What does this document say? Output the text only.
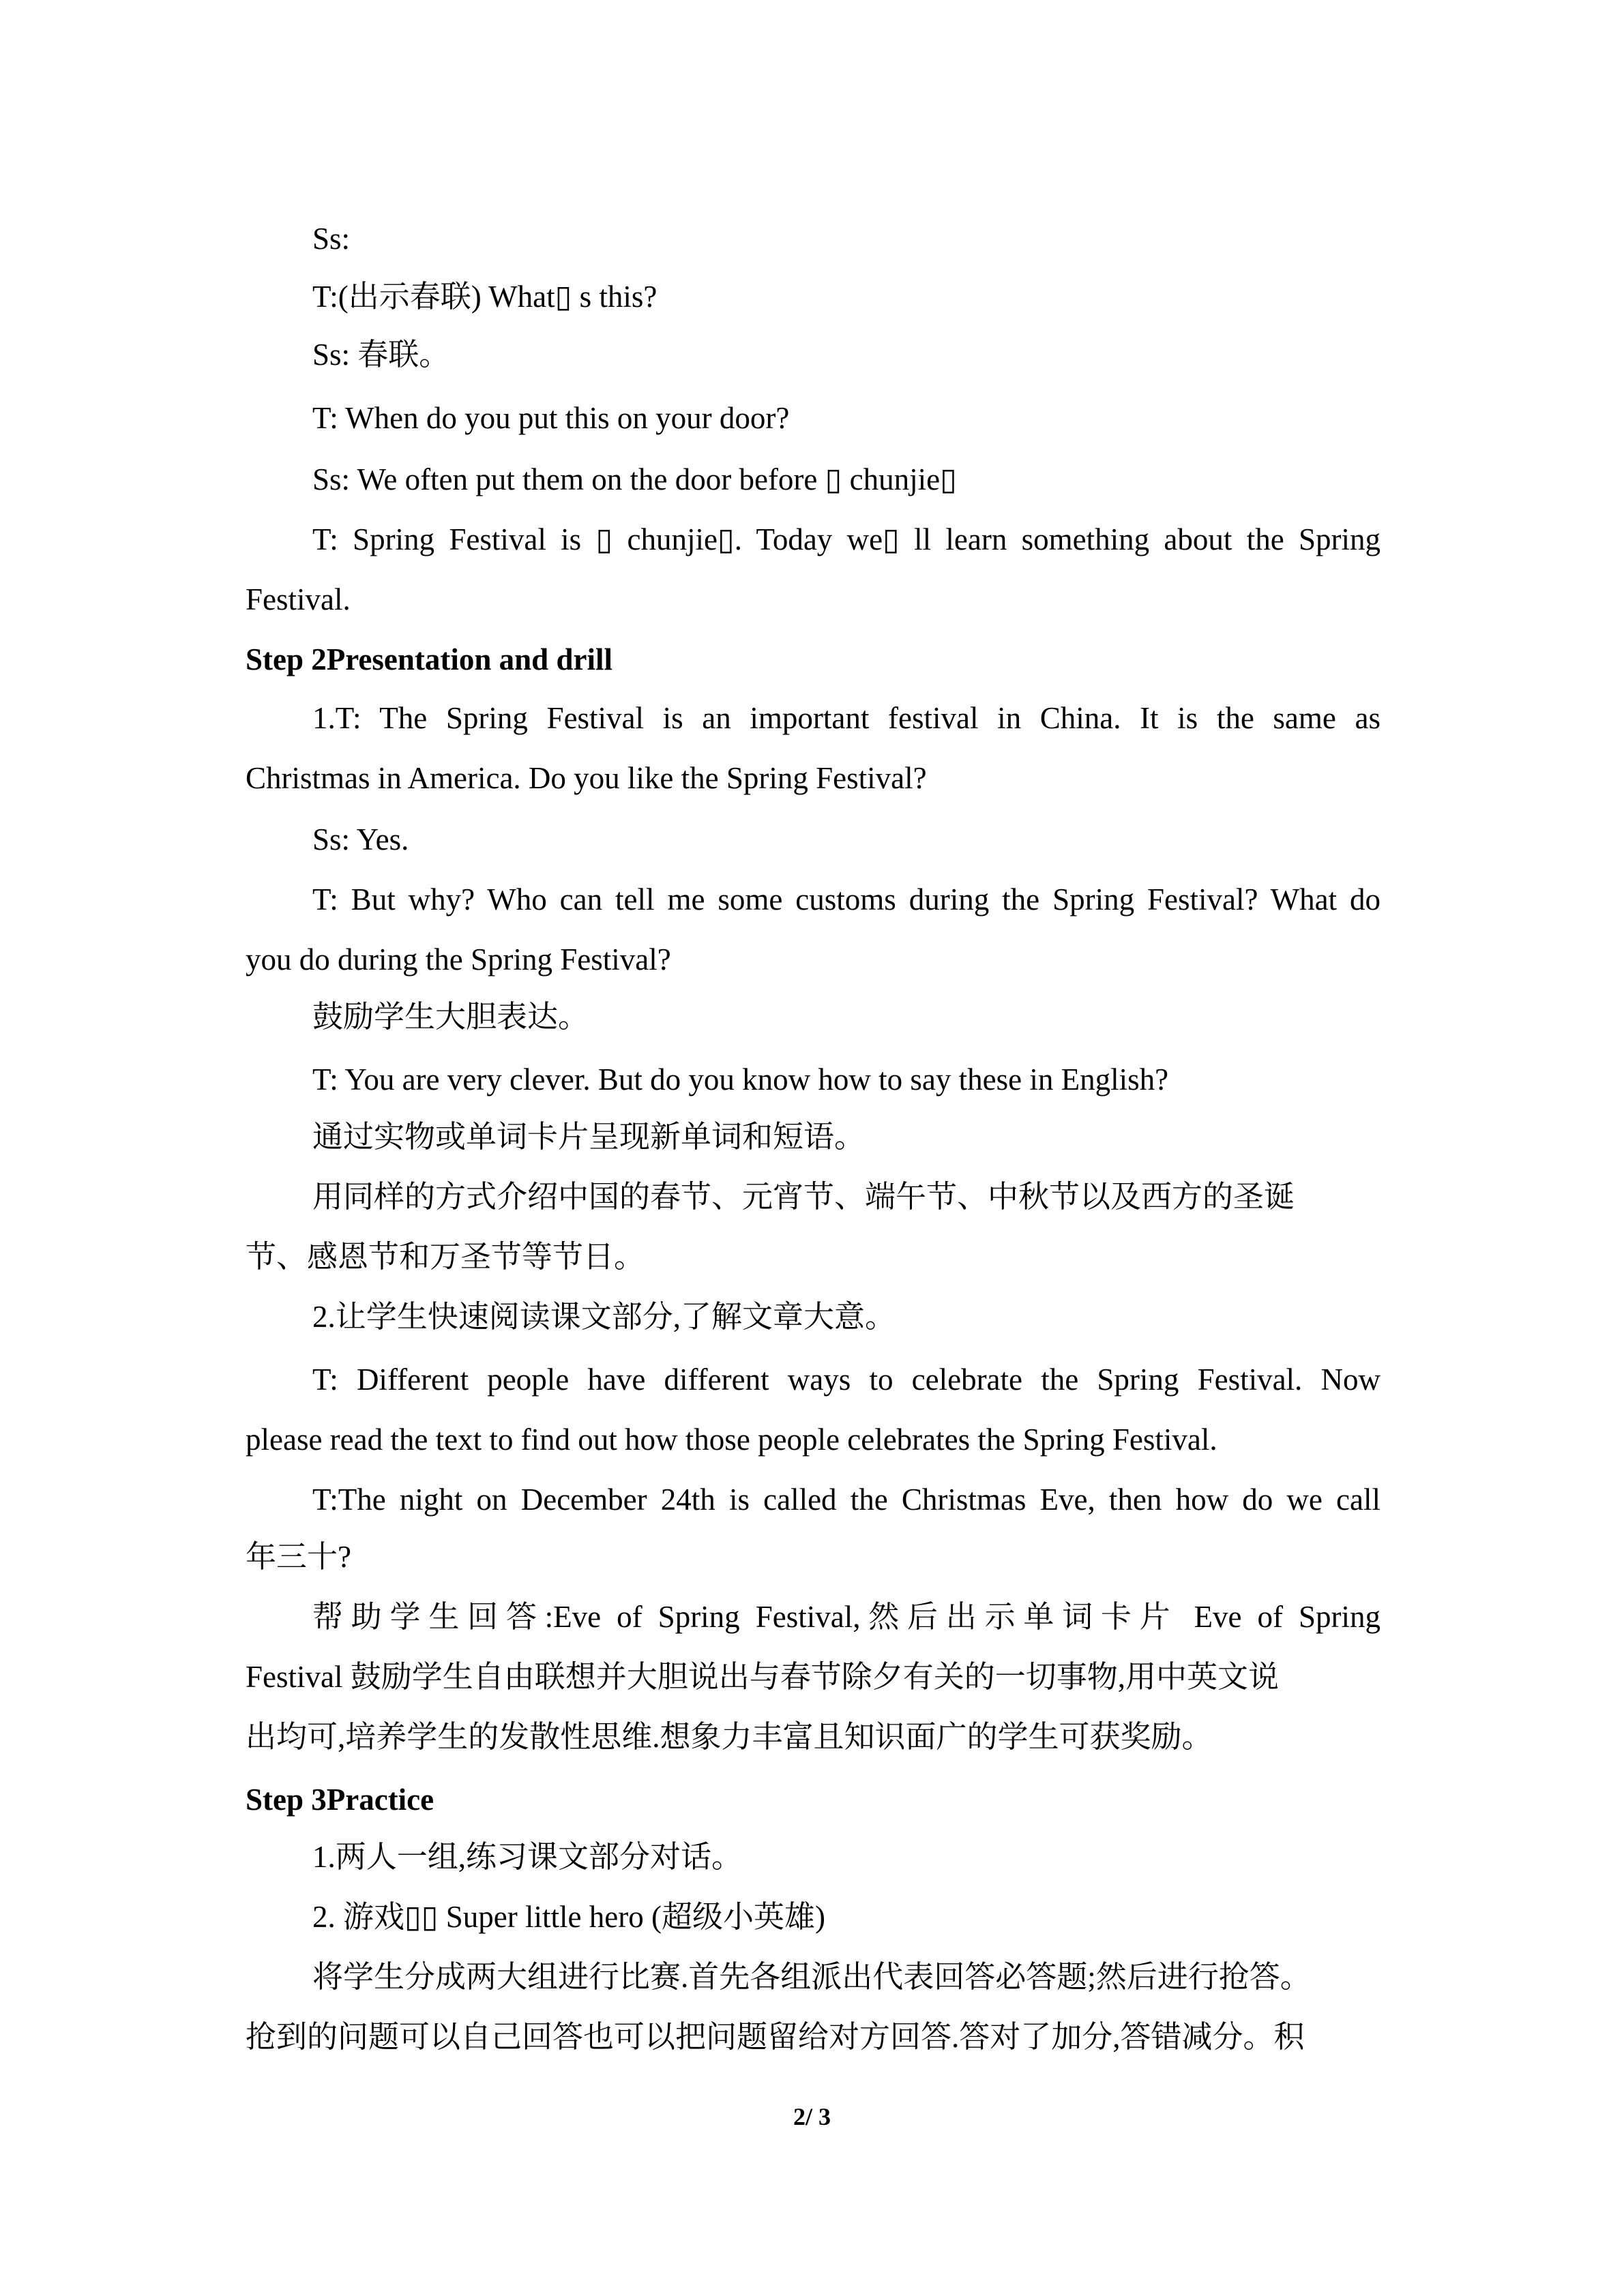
Ss:
T:(出示春联) What▯ s this?
Ss: 春联。
T: When do you put this on your door?
Ss: We often put them on the door before ▯ chunjie▯
T: Spring Festival is ▯ chunjie▯. Today we▯ ll learn something about the Spring
Festival.
Step 2Presentation and drill
1.T: The Spring Festival is an important festival in China. It is the same as
Christmas in America. Do you like the Spring Festival?
Ss: Yes.
T: But why? Who can tell me some customs during the Spring Festival? What do
you do during the Spring Festival?
鼓励学生大胆表达。
T: You are very clever. But do you know how to say these in English?
通过实物或单词卡片呈现新单词和短语。
用同样的方式介绍中国的春节、元宵节、端午节、中秋节以及西方的圣诞
节、感恩节和万圣节等节日。
2.让学生快速阅读课文部分,了解文章大意。
T: Different people have different ways to celebrate the Spring Festival. Now
please read the text to find out how those people celebrates the Spring Festival.
T:The night on December 24th is called the Christmas Eve, then how do we call
年三十?
帮助学生回答:Eve of Spring Festival,然后出示单词卡片 Eve of Spring
Festival 鼓励学生自由联想并大胆说出与春节除夕有关的一切事物,用中英文说
出均可,培养学生的发散性思维.想象力丰富且知识面广的学生可获奖励。
Step 3Practice
1.两人一组,练习课文部分对话。
2. 游戏▯▯ Super little hero (超级小英雄)
将学生分成两大组进行比赛.首先各组派出代表回答必答题;然后进行抢答。
抢到的问题可以自己回答也可以把问题留给对方回答.答对了加分,答错减分。积
2/ 3
